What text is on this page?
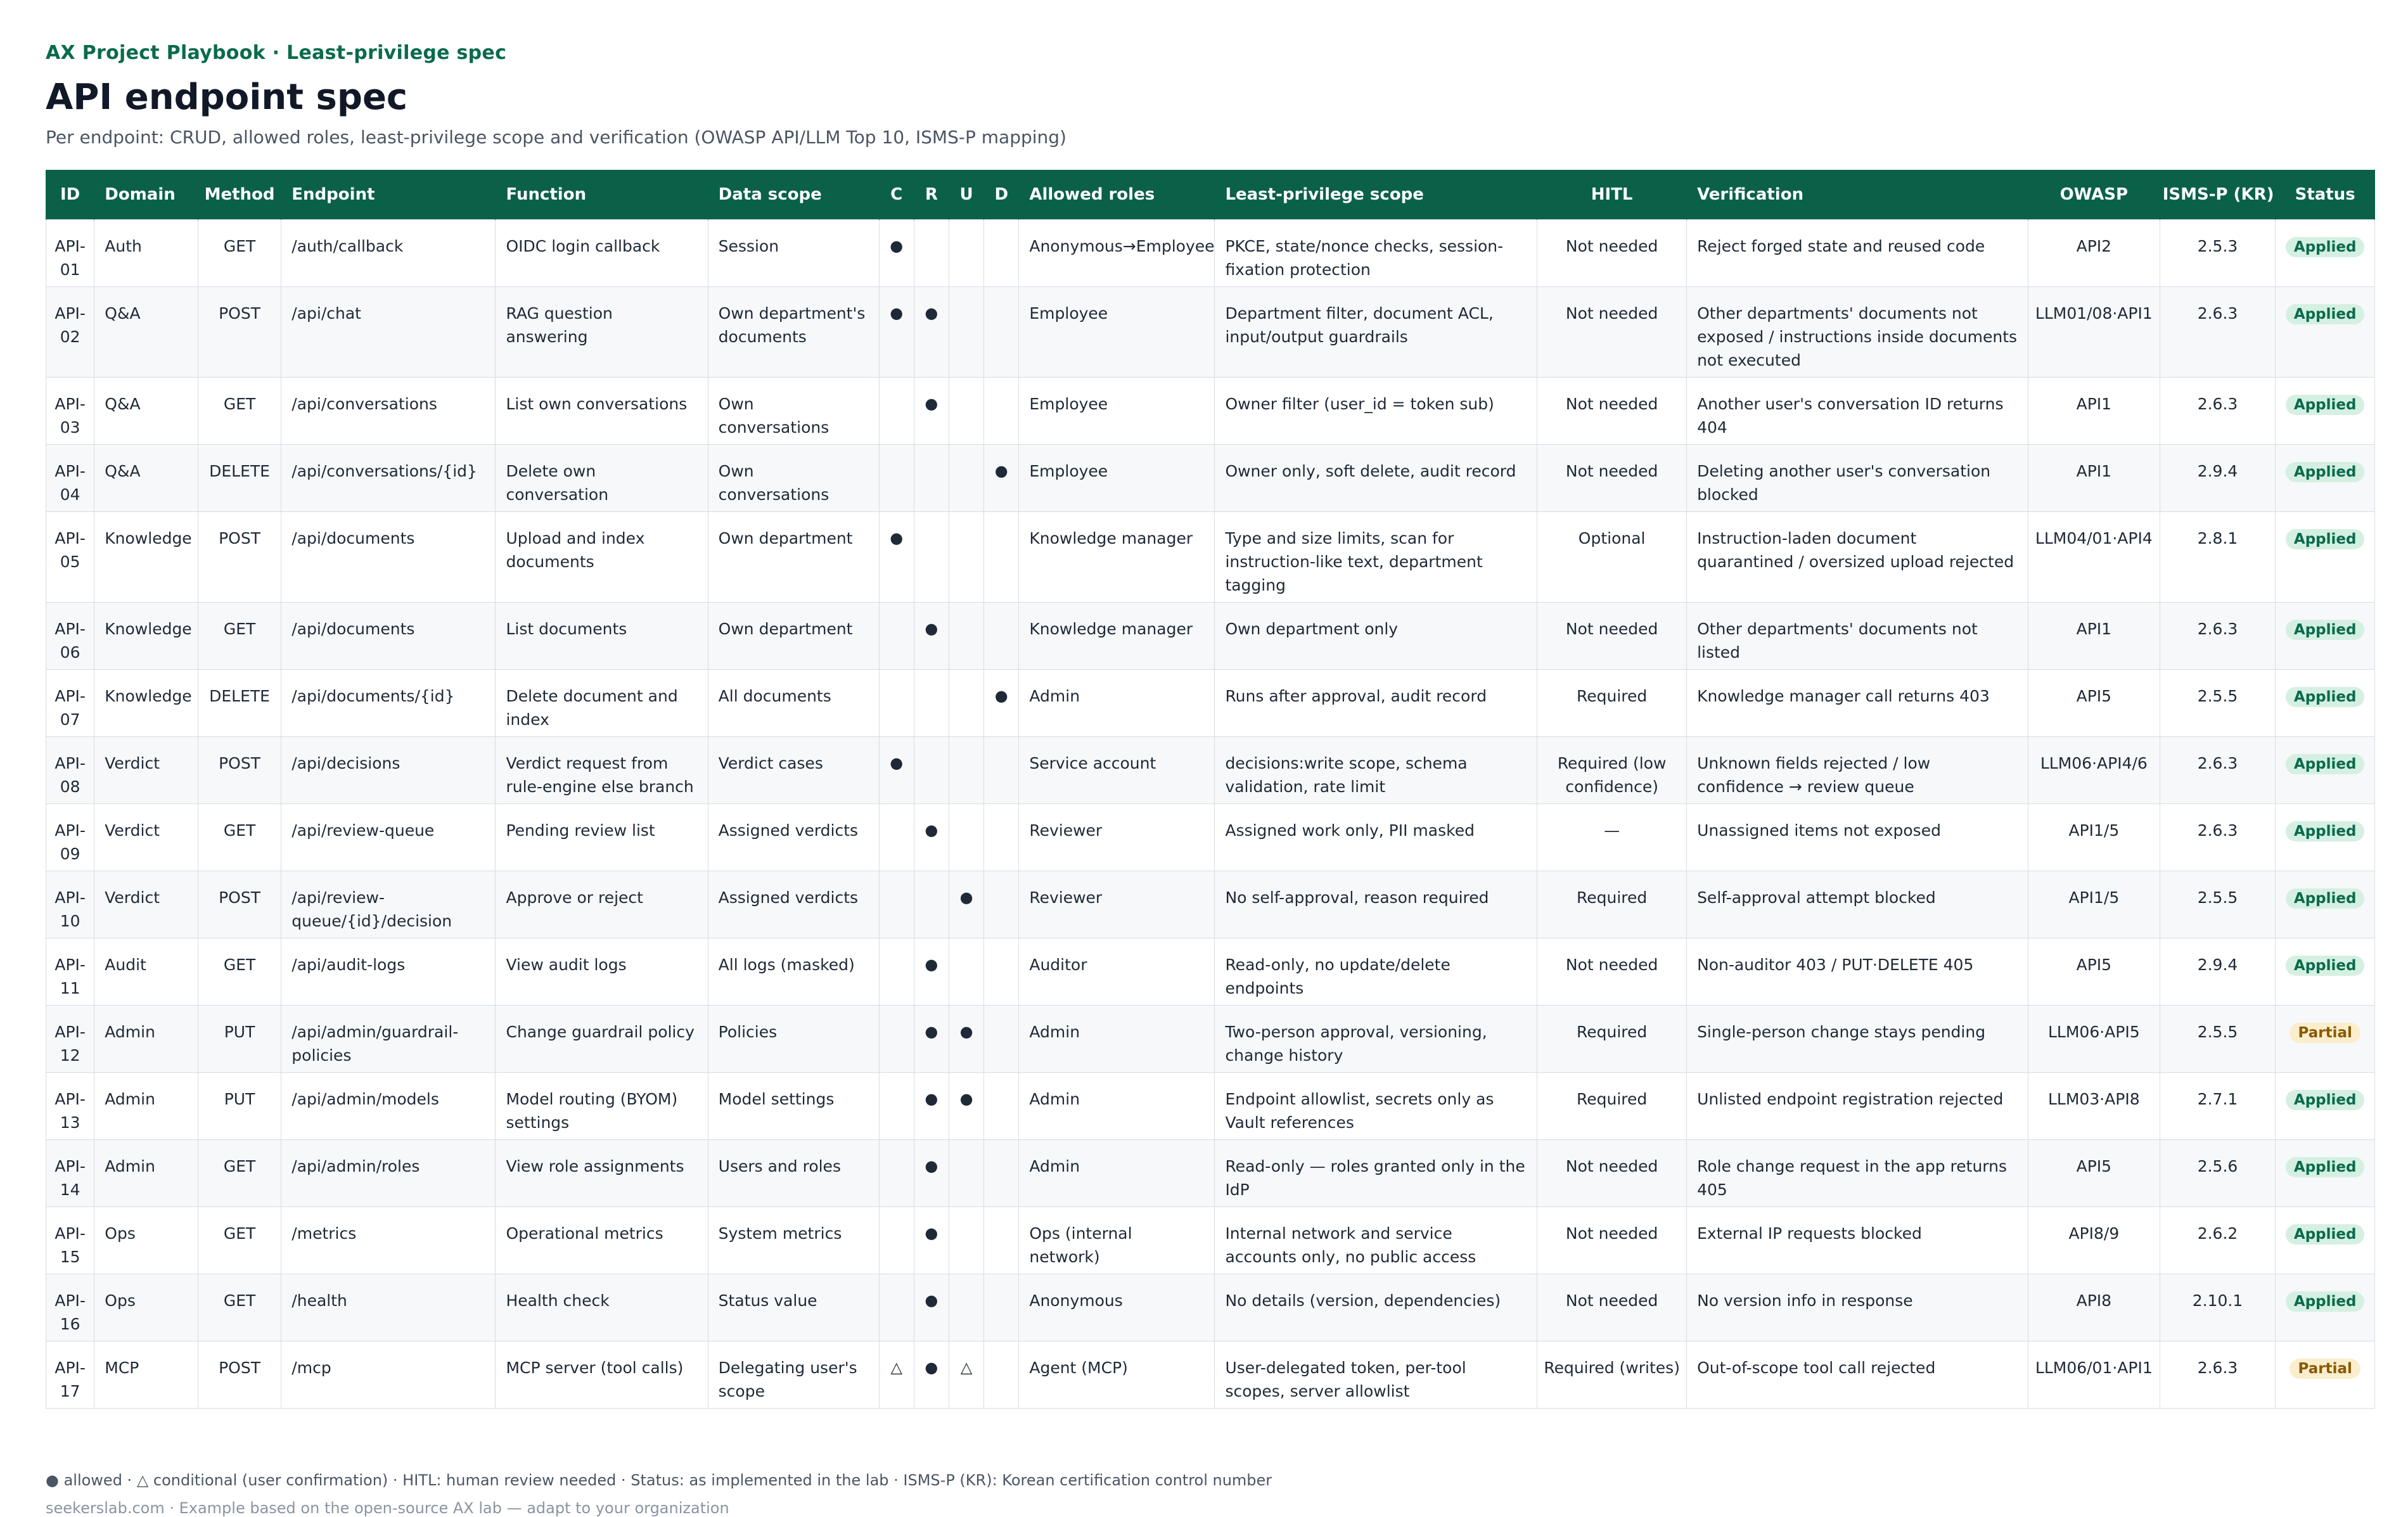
AX Project Playbook · Least-privilege spec
API endpoint spec
Per endpoint: CRUD, allowed roles, least-privilege scope and verification (OWASP API/LLM Top 10, ISMS-P mapping)
ID	Domain	Method	Endpoint	Function	Data scope	C	R	U	D	Allowed roles	Least-privilege scope	HITL	Verification	OWASP	ISMS-P (KR)	Status
API-01	Auth	GET	/auth/callback	OIDC login callback	Session	●				Anonymous→Employee	PKCE, state/nonce checks, session-fixation protection	Not needed	Reject forged state and reused code	API2	2.5.3	Applied
API-02	Q&A	POST	/api/chat	RAG question answering	Own department's documents	●	●			Employee	Department filter, document ACL, input/output guardrails	Not needed	Other departments' documents not exposed / instructions inside documents not executed	LLM01/08·API1	2.6.3	Applied
API-03	Q&A	GET	/api/conversations	List own conversations	Own conversations		●			Employee	Owner filter (user_id = token sub)	Not needed	Another user's conversation ID returns 404	API1	2.6.3	Applied
API-04	Q&A	DELETE	/api/conversations/{id}	Delete own conversation	Own conversations				●	Employee	Owner only, soft delete, audit record	Not needed	Deleting another user's conversation blocked	API1	2.9.4	Applied
API-05	Knowledge	POST	/api/documents	Upload and index documents	Own department	●				Knowledge manager	Type and size limits, scan for instruction-like text, department tagging	Optional	Instruction-laden document quarantined / oversized upload rejected	LLM04/01·API4	2.8.1	Applied
API-06	Knowledge	GET	/api/documents	List documents	Own department		●			Knowledge manager	Own department only	Not needed	Other departments' documents not listed	API1	2.6.3	Applied
API-07	Knowledge	DELETE	/api/documents/{id}	Delete document and index	All documents				●	Admin	Runs after approval, audit record	Required	Knowledge manager call returns 403	API5	2.5.5	Applied
API-08	Verdict	POST	/api/decisions	Verdict request from rule-engine else branch	Verdict cases	●				Service account	decisions:write scope, schema validation, rate limit	Required (low confidence)	Unknown fields rejected / low confidence → review queue	LLM06·API4/6	2.6.3	Applied
API-09	Verdict	GET	/api/review-queue	Pending review list	Assigned verdicts		●			Reviewer	Assigned work only, PII masked	—	Unassigned items not exposed	API1/5	2.6.3	Applied
API-10	Verdict	POST	/api/review-queue/{id}/decision	Approve or reject	Assigned verdicts			●		Reviewer	No self-approval, reason required	Required	Self-approval attempt blocked	API1/5	2.5.5	Applied
API-11	Audit	GET	/api/audit-logs	View audit logs	All logs (masked)		●			Auditor	Read-only, no update/delete endpoints	Not needed	Non-auditor 403 / PUT·DELETE 405	API5	2.9.4	Applied
API-12	Admin	PUT	/api/admin/guardrail-policies	Change guardrail policy	Policies		●	●		Admin	Two-person approval, versioning, change history	Required	Single-person change stays pending	LLM06·API5	2.5.5	Partial
API-13	Admin	PUT	/api/admin/models	Model routing (BYOM) settings	Model settings		●	●		Admin	Endpoint allowlist, secrets only as Vault references	Required	Unlisted endpoint registration rejected	LLM03·API8	2.7.1	Applied
API-14	Admin	GET	/api/admin/roles	View role assignments	Users and roles		●			Admin	Read-only — roles granted only in the IdP	Not needed	Role change request in the app returns 405	API5	2.5.6	Applied
API-15	Ops	GET	/metrics	Operational metrics	System metrics		●			Ops (internal network)	Internal network and service accounts only, no public access	Not needed	External IP requests blocked	API8/9	2.6.2	Applied
API-16	Ops	GET	/health	Health check	Status value		●			Anonymous	No details (version, dependencies)	Not needed	No version info in response	API8	2.10.1	Applied
API-17	MCP	POST	/mcp	MCP server (tool calls)	Delegating user's scope	△	●	△		Agent (MCP)	User-delegated token, per-tool scopes, server allowlist	Required (writes)	Out-of-scope tool call rejected	LLM06/01·API1	2.6.3	Partial
● allowed · △ conditional (user confirmation) · HITL: human review needed · Status: as implemented in the lab · ISMS-P (KR): Korean certification control number
seekerslab.com · Example based on the open-source AX lab — adapt to your organization
